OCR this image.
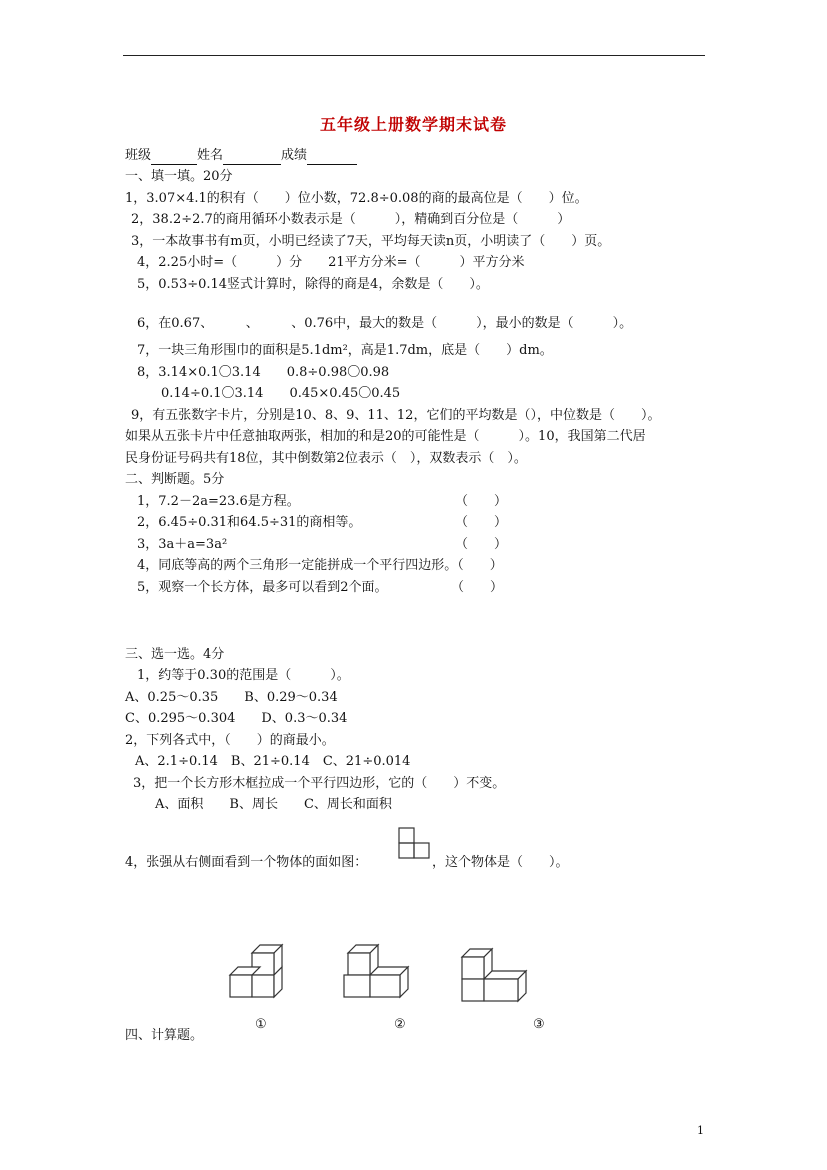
五年级上册数学期末试卷
班级	姓名	成绩
一、填一填。20分
1，3.07×4.1的积有（　　）位小数，72.8÷0.08的商的最高位是（　　）位。
2，38.2÷2.7的商用循环小数表示是（　　　），精确到百分位是（　　　）
3，一本故事书有m页，小明已经读了7天，平均每天读n页，小明读了（　　）页。
4，2.25小时=（　　　）分　　21平方分米=（　　　）平方分米
5，0.53÷0.14竖式计算时，除得的商是4，余数是（　　）。
6，在0.67、　　　、　　　、0.76中，最大的数是（　　　），最小的数是（　　　）。
7，一块三角形围巾的面积是5.1dm²，高是1.7dm，底是（　　）dm。
8，3.14×0.1〇3.14　　0.8÷0.98〇0.98
0.14÷0.1〇3.14　　0.45×0.45〇0.45
9，有五张数字卡片，分别是10、8、9、11、12，它们的平均数是（），中位数是（　　）。
如果从五张卡片中任意抽取两张，相加的和是20的可能性是（　　　）。10，我国第二代居
民身份证号码共有18位，其中倒数第2位表示（　），双数表示（　）。
二、判断题。5分
1，7.2－2a=23.6是方程。	（　　）
2，6.45÷0.31和64.5÷31的商相等。	（　　）
3，3a＋a=3a²	（　　）
4，同底等高的两个三角形一定能拼成一个平行四边形。（　　）
5，观察一个长方体，最多可以看到2个面。	（　　）
三、选一选。4分
1，约等于0.30的范围是（　　　）。
A、0.25～0.35　　B、0.29～0.34
C、0.295～0.304　　D、0.3～0.34
2，下列各式中，（　　）的商最小。
A、2.1÷0.14　B、21÷0.14　C、21÷0.014
3，把一个长方形木框拉成一个平行四边形，它的（　　）不变。
A、面积　　B、周长　　C、周长和面积
4，张强从右侧面看到一个物体的面如图：	，这个物体是（　　）。
①	②	③
四、计算题。
1
